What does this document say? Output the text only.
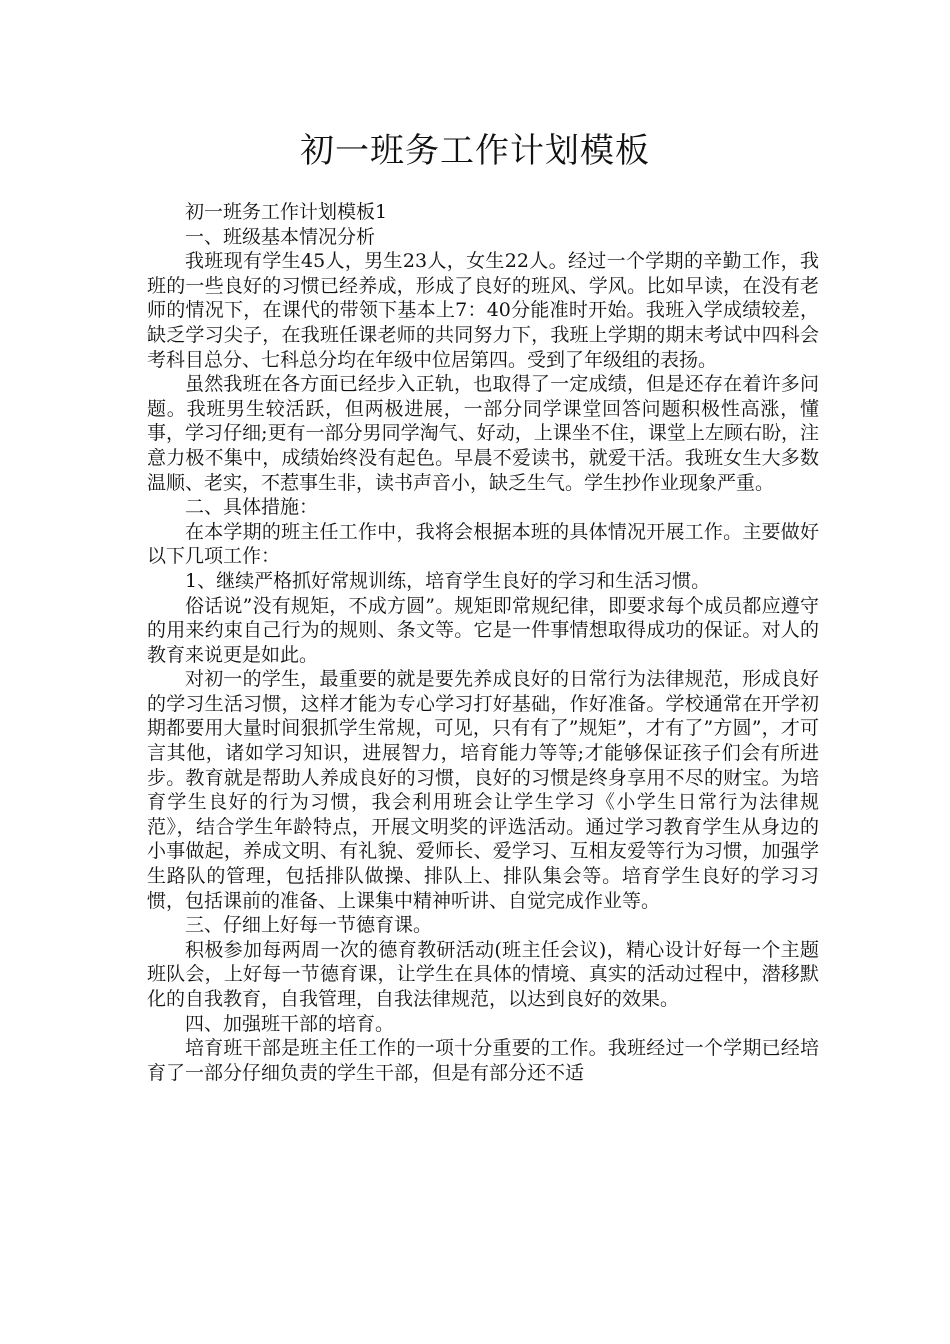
初一班务工作计划模板

初一班务工作计划模板1

一、班级基本情况分析

我班现有学生45人，男生23人，女生22人。经过一个学期的辛勤工作，我班的一些良好的习惯已经养成，形成了良好的班风、学风。比如早读，在没有老师的情况下，在课代的带领下基本上7：40分能准时开始。我班入学成绩较差，缺乏学习尖子，在我班任课老师的共同努力下，我班上学期的期末考试中四科会考科目总分、七科总分均在年级中位居第四。受到了年级组的表扬。

虽然我班在各方面已经步入正轨，也取得了一定成绩，但是还存在着许多问题。我班男生较活跃，但两极进展，一部分同学课堂回答问题积极性高涨，懂事，学习仔细;更有一部分男同学淘气、好动，上课坐不住，课堂上左顾右盼，注意力极不集中，成绩始终没有起色。早晨不爱读书，就爱干活。我班女生大多数温顺、老实，不惹事生非，读书声音小，缺乏生气。学生抄作业现象严重。

二、具体措施：

在本学期的班主任工作中，我将会根据本班的具体情况开展工作。主要做好以下几项工作：

1、继续严格抓好常规训练，培育学生良好的学习和生活习惯。

俗话说”没有规矩，不成方圆”。规矩即常规纪律，即要求每个成员都应遵守的用来约束自己行为的规则、条文等。它是一件事情想取得成功的保证。对人的教育来说更是如此。

对初一的学生，最重要的就是要先养成良好的日常行为法律规范，形成良好的学习生活习惯，这样才能为专心学习打好基础，作好准备。学校通常在开学初期都要用大量时间狠抓学生常规，可见，只有有了”规矩”，才有了”方圆”，才可言其他，诸如学习知识，进展智力，培育能力等等;才能够保证孩子们会有所进步。教育就是帮助人养成良好的习惯，良好的习惯是终身享用不尽的财宝。为培育学生良好的行为习惯，我会利用班会让学生学习《小学生日常行为法律规范》，结合学生年龄特点，开展文明奖的评选活动。通过学习教育学生从身边的小事做起，养成文明、有礼貌、爱师长、爱学习、互相友爱等行为习惯，加强学生路队的管理，包括排队做操、排队上、排队集会等。培育学生良好的学习习惯，包括课前的准备、上课集中精神听讲、自觉完成作业等。

三、仔细上好每一节德育课。

积极参加每两周一次的德育教研活动(班主任会议)，精心设计好每一个主题班队会，上好每一节德育课，让学生在具体的情境、真实的活动过程中，潜移默化的自我教育，自我管理，自我法律规范，以达到良好的效果。

四、加强班干部的培育。

培育班干部是班主任工作的一项十分重要的工作。我班经过一个学期已经培育了一部分仔细负责的学生干部，但是有部分还不适
